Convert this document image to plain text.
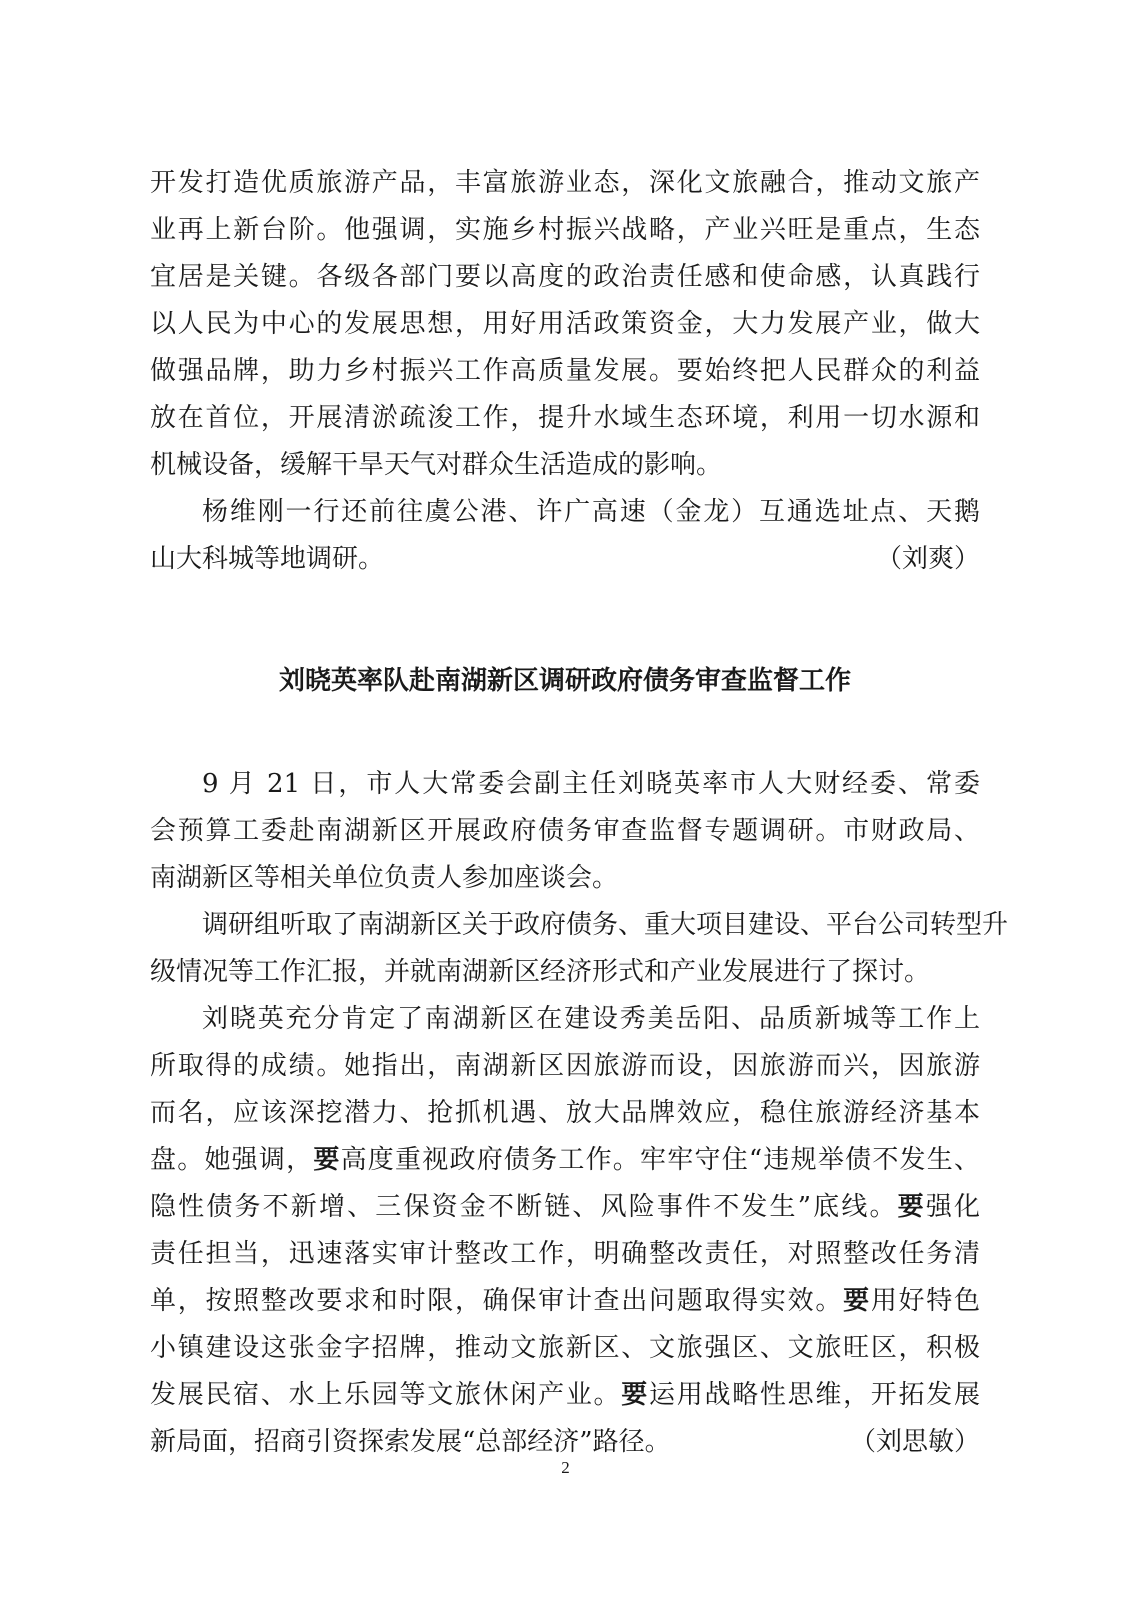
开发打造优质旅游产品，丰富旅游业态，深化文旅融合，推动文旅产
业再上新台阶。他强调，实施乡村振兴战略，产业兴旺是重点，生态
宜居是关键。各级各部门要以高度的政治责任感和使命感，认真践行
以人民为中心的发展思想，用好用活政策资金，大力发展产业，做大
做强品牌，助力乡村振兴工作高质量发展。要始终把人民群众的利益
放在首位，开展清淤疏浚工作，提升水域生态环境，利用一切水源和
机械设备，缓解干旱天气对群众生活造成的影响。
杨维刚一行还前往虞公港、许广高速（金龙）互通选址点、天鹅
山大科城等地调研。	（刘爽）
刘晓英率队赴南湖新区调研政府债务审查监督工作
9 月 21 日，市人大常委会副主任刘晓英率市人大财经委、常委
会预算工委赴南湖新区开展政府债务审查监督专题调研。市财政局、
南湖新区等相关单位负责人参加座谈会。
调研组听取了南湖新区关于政府债务、重大项目建设、平台公司转型升
级情况等工作汇报，并就南湖新区经济形式和产业发展进行了探讨。
刘晓英充分肯定了南湖新区在建设秀美岳阳、品质新城等工作上
所取得的成绩。她指出，南湖新区因旅游而设，因旅游而兴，因旅游
而名，应该深挖潜力、抢抓机遇、放大品牌效应，稳住旅游经济基本
盘。她强调，要高度重视政府债务工作。牢牢守住“违规举债不发生、
隐性债务不新增、三保资金不断链、风险事件不发生”底线。要强化
责任担当，迅速落实审计整改工作，明确整改责任，对照整改任务清
单，按照整改要求和时限，确保审计查出问题取得实效。要用好特色
小镇建设这张金字招牌，推动文旅新区、文旅强区、文旅旺区，积极
发展民宿、水上乐园等文旅休闲产业。要运用战略性思维，开拓发展
新局面，招商引资探索发展“总部经济”路径。	（刘思敏）
2
